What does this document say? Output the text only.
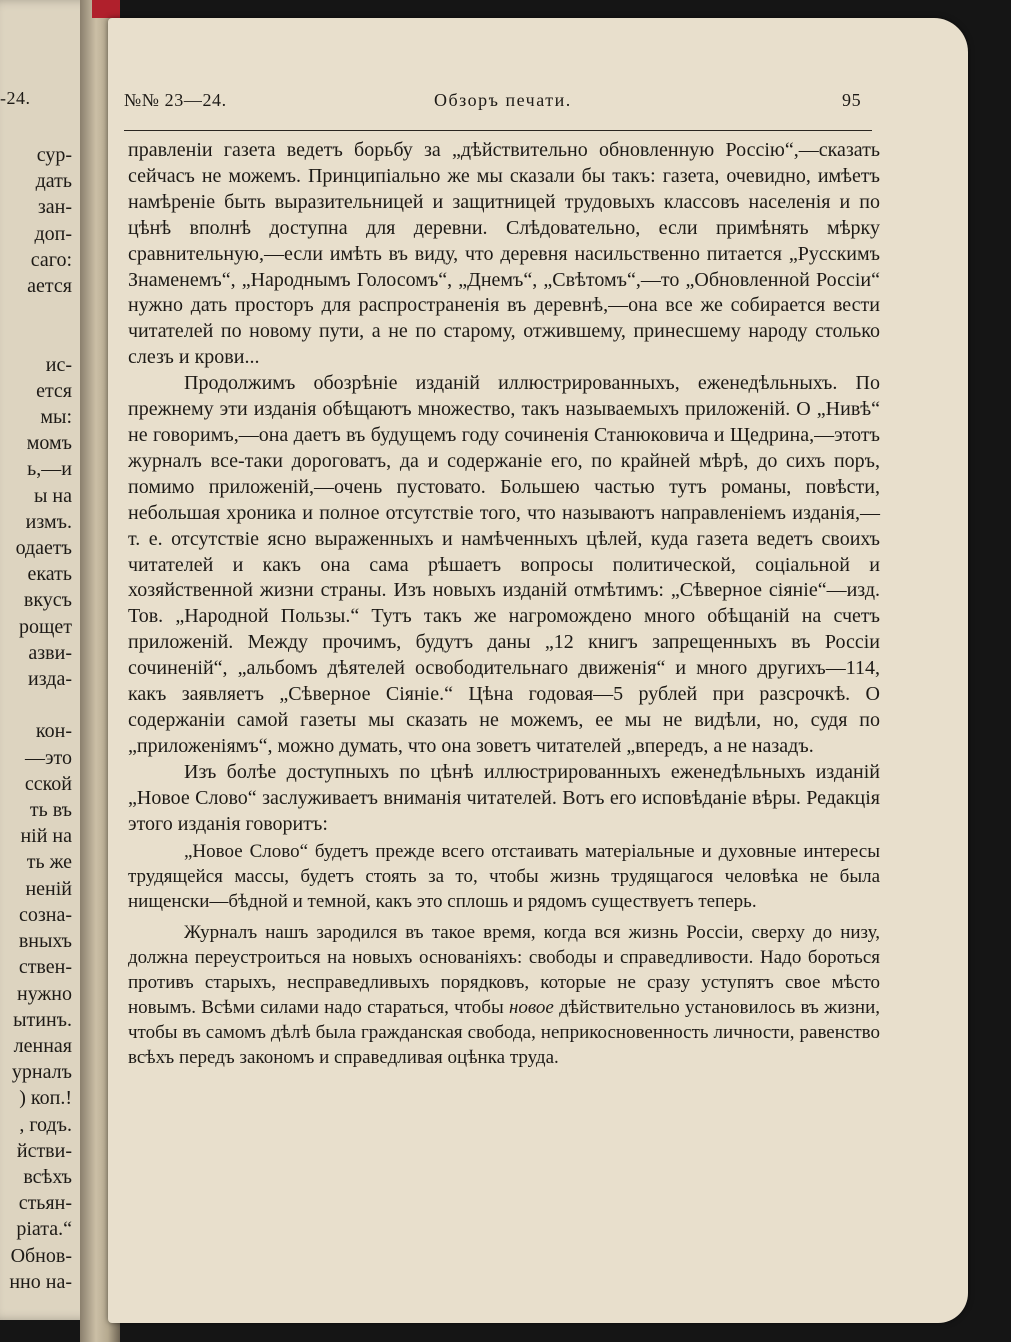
-24.
сур-
дать
зан-
доп-
саго:
ается

ис-
ется
мы:
момъ
ь,—и
ы на
измъ.
одаетъ
екать
вкусъ
рощет
азви-
изда-

кон-
—это
сской
ть въ
ній на
ть же
ненiй
созна-
вныхъ
ствен-
нужно
ытинъ.
ленная
урналъ
) коп.!
, годъ.
йстви-
всѣхъ
стьян-
ріата.“
Обнов-
нно на-
№№ 23—24.	Обзоръ печати.	95

правленіи газета ведетъ борьбу за „дѣйствительно обновленную Россію“,—сказать сейчасъ не можемъ. Принципіально же мы сказали бы такъ: газета, очевидно, имѣетъ намѣреніе быть выразительницей и защитницей трудовыхъ классовъ населенія и по цѣнѣ вполнѣ доступна для деревни. Слѣдовательно, если примѣнять мѣрку сравнительную,—если имѣть въ виду, что деревня насильственно питается „Русскимъ Знаменемъ“, „Народнымъ Голосомъ“, „Днемъ“, „Свѣтомъ“,—то „Обновленной Россіи“ нужно дать просторъ для распространенія въ деревнѣ,—она все же собирается вести читателей по новому пути, а не по старому, отжившему, принесшему народу столько слезъ и крови...

Продолжимъ обозрѣніе изданій иллюстрированныхъ, еженедѣльныхъ. По прежнему эти изданія обѣщаютъ множество, такъ называемыхъ приложеній. О „Нивѣ“ не говоримъ,—она даетъ въ будущемъ году сочиненія Станюковича и Щедрина,—этотъ журналъ все-таки дороговатъ, да и содержаніе его, по крайней мѣрѣ, до сихъ поръ, помимо приложеній,—очень пустовато. Большею частью тутъ романы, повѣсти, небольшая хроника и полное отсутствіе того, что называютъ направленіемъ изданія,—т. е. отсутствіе ясно выраженныхъ и намѣченныхъ цѣлей, куда газета ведетъ своихъ читателей и какъ она сама рѣшаетъ вопросы политической, соціальной и хозяйственной жизни страны. Изъ новыхъ изданій отмѣтимъ: „Сѣверное сіяніе“—изд. Тов. „Народной Пользы.“ Тутъ такъ же нагромождено много обѣщаній на счетъ приложеній. Между прочимъ, будутъ даны „12 книгъ запрещенныхъ въ Россіи сочиненій“, „альбомъ дѣятелей освободительнаго движенія“ и много другихъ—114, какъ заявляетъ „Сѣверное Сіяніе.“ Цѣна годовая—5 рублей при разсрочкѣ. О содержаніи самой газеты мы сказать не можемъ, ее мы не видѣли, но, судя по „приложеніямъ“, можно думать, что она зоветъ читателей „впередъ, а не назадъ.

Изъ болѣе доступныхъ по цѣнѣ иллюстрированныхъ еженедѣльныхъ изданій „Новое Слово“ заслуживаетъ вниманія читателей. Вотъ его исповѣданіе вѣры. Редакція этого изданія говоритъ:

„Новое Слово“ будетъ прежде всего отстаивать матеріальные и духовные интересы трудящейся массы, будетъ стоять за то, чтобы жизнь трудящагося человѣка не была нищенски—бѣдной и темной, какъ это сплошь и рядомъ существуетъ теперь.

Журналъ нашъ зародился въ такое время, когда вся жизнь Россіи, сверху до низу, должна переустроиться на новыхъ основаніяхъ: свободы и справедливости. Надо бороться противъ старыхъ, несправедливыхъ порядковъ, которые не сразу уступятъ свое мѣсто новымъ. Всѣми силами надо стараться, чтобы новое дѣйствительно установилось въ жизни, чтобы въ самомъ дѣлѣ была гражданская свобода, неприкосновенность личности, равенство всѣхъ передъ закономъ и справедливая оцѣнка труда.
